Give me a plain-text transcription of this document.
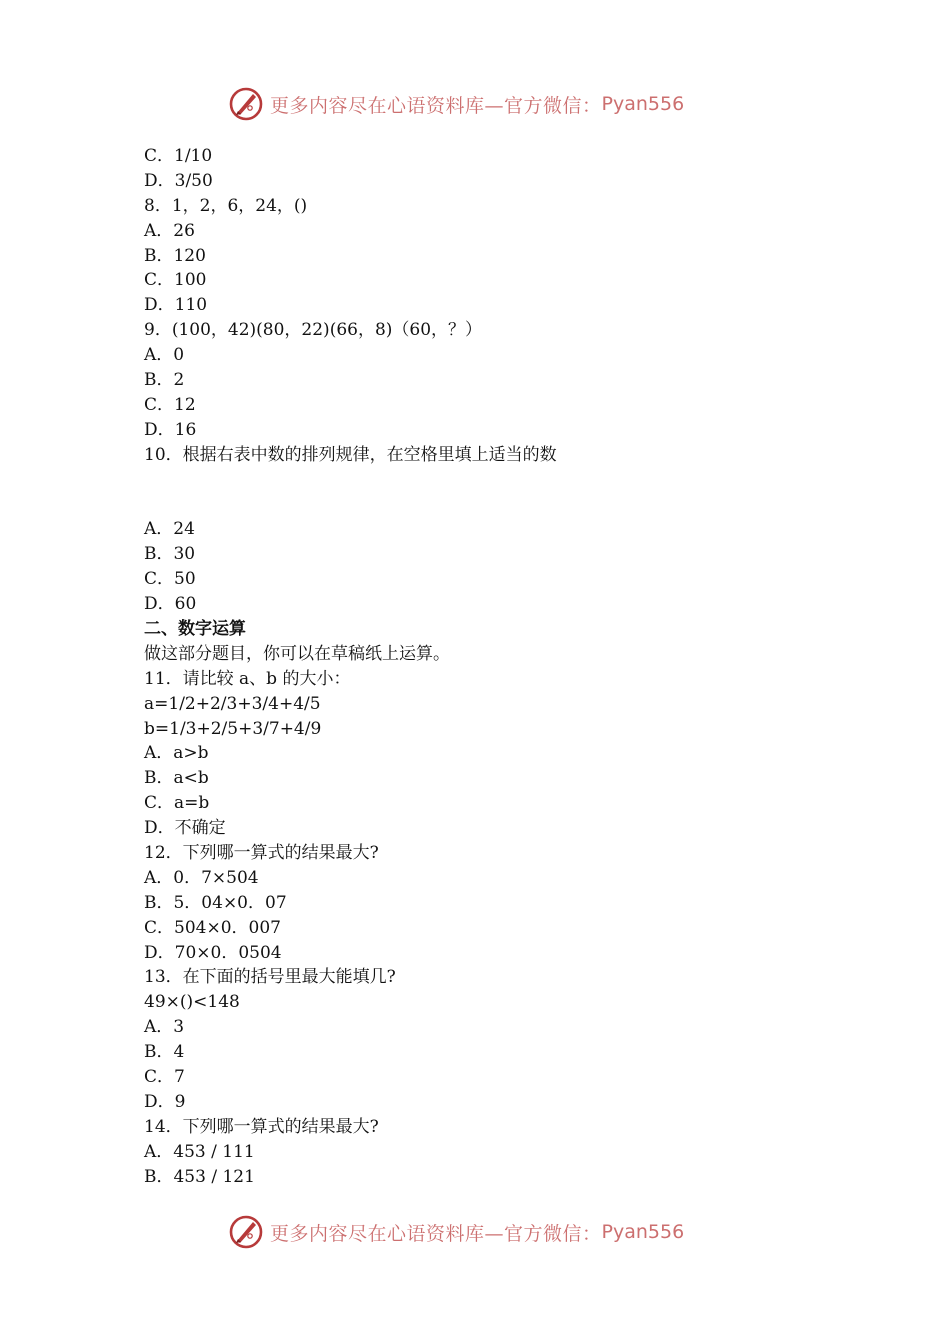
更多内容尽在心语资料库—官方微信： Pyan556
C．1/10
D．3/50
8．1，2，6，24，()
A．26
B．120
C．100
D．110
9．(100，42)(80，22)(66，8)（60，？）
A．0
B．2
C．12
D．16
10．根据右表中数的排列规律，在空格里填上适当的数
A．24
B．30
C．50
D．60
二、数字运算
做这部分题目，你可以在草稿纸上运算。
11．请比较 a、b 的大小：
a=1/2+2/3+3/4+4/5
b=1/3+2/5+3/7+4/9
A．a>b
B．a<b
C．a=b
D．不确定
12．下列哪一算式的结果最大?
A．0．7×504
B．5．04×0．07
C．504×0．007
D．70×0．0504
13．在下面的括号里最大能填几?
49×()<148
A．3
B．4
C．7
D．9
14．下列哪一算式的结果最大?
A．453 / 111
B．453 / 121
更多内容尽在心语资料库—官方微信： Pyan556
